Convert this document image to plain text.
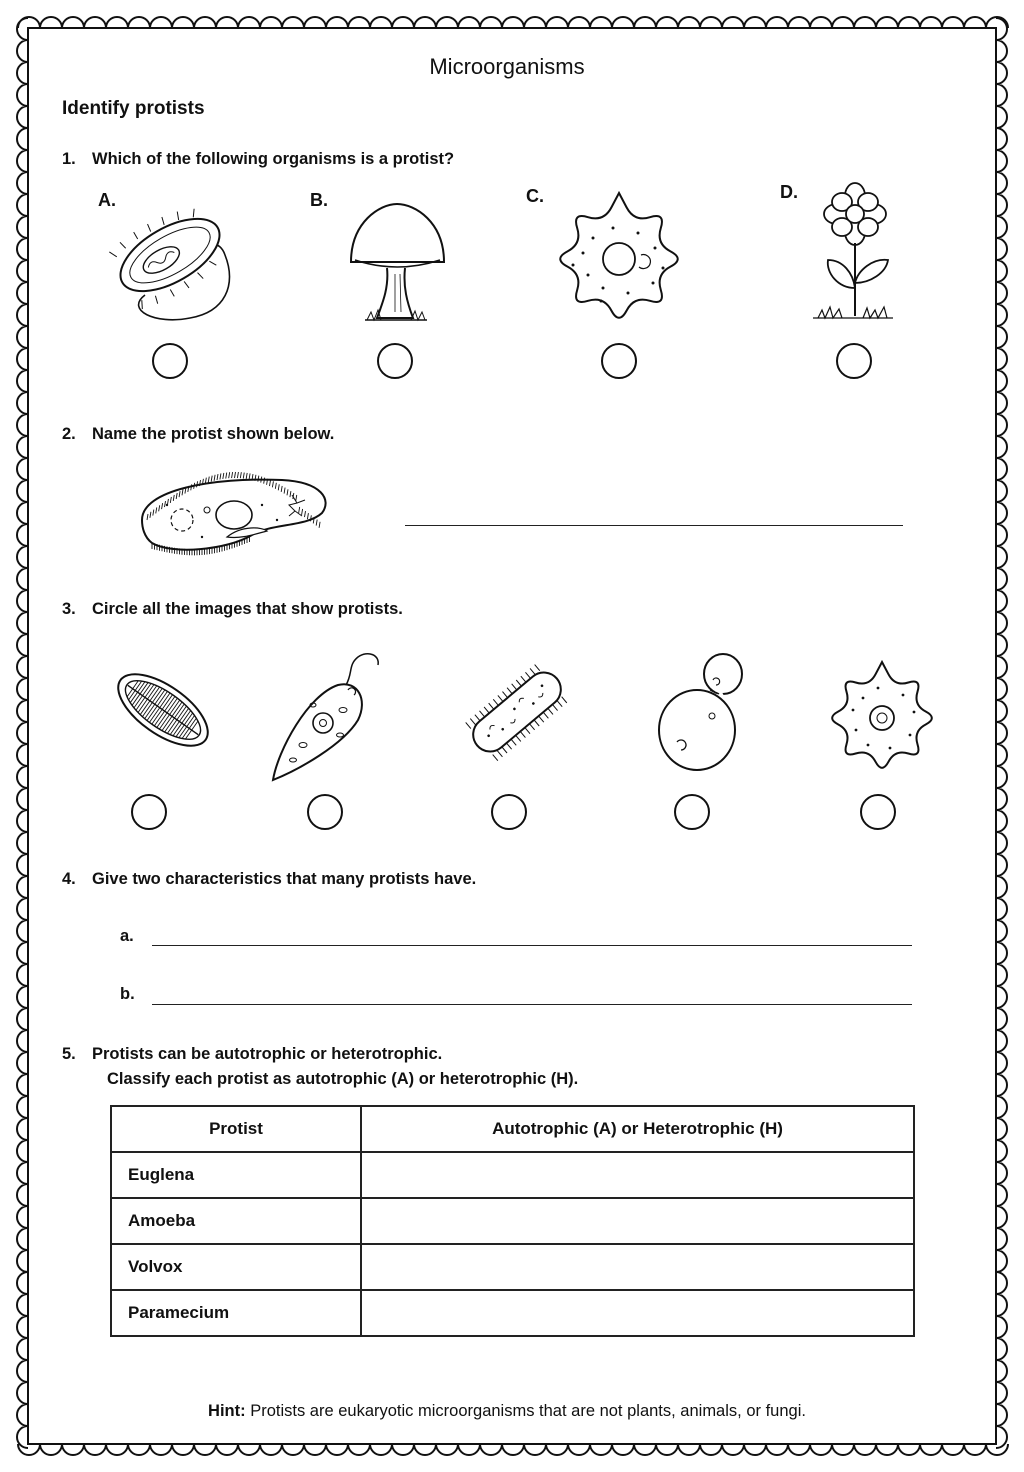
Microorganisms
Identify protists
1. Which of the following organisms is a protist?
A.	B.	C.	D.
2. Name the protist shown below.
3. Circle all the images that show protists.
4. Give two characteristics that many protists have.
a.
b.
5. Protists can be autotrophic or heterotrophic.
Classify each protist as autotrophic (A) or heterotrophic (H).
Protist	Autotrophic (A) or Heterotrophic (H)
Euglena	
Amoeba	
Volvox	
Paramecium	
Hint: Protists are eukaryotic microorganisms that are not plants, animals, or fungi.
